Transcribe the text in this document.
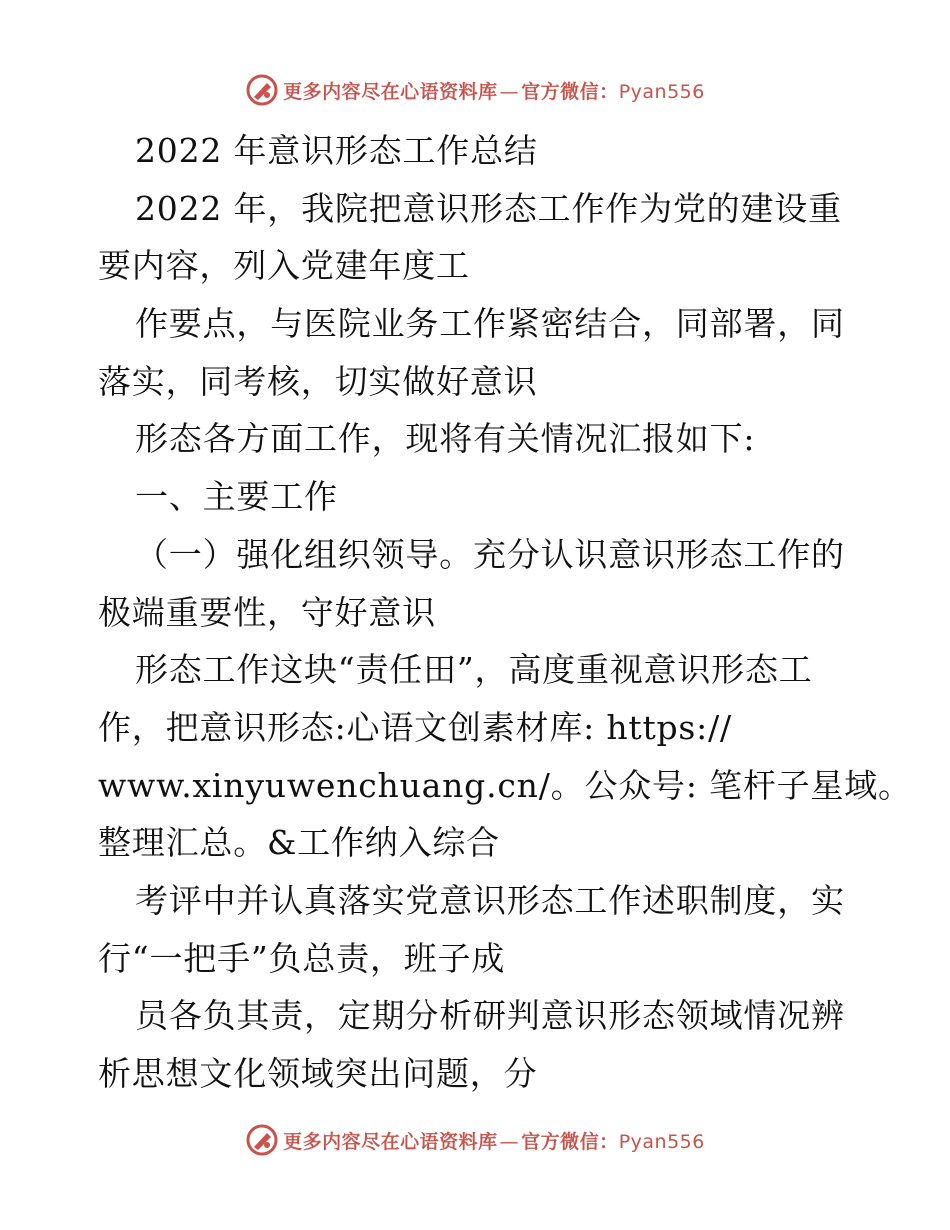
更多内容尽在心语资料库 — 官方微信：Pyan556
2022 年意识形态工作总结
2022 年，我院把意识形态工作作为党的建设重
要内容，列入党建年度工
作要点，与医院业务工作紧密结合，同部署，同
落实，同考核，切实做好意识
形态各方面工作，现将有关情况汇报如下:
一、主要工作
（一）强化组织领导。充分认识意识形态工作的
极端重要性，守好意识
形态工作这块“责任田”，高度重视意识形态工
作，把意识形态:心语文创素材库: https://
www.xinyuwenchuang.cn/。公众号: 笔杆子星域。
整理汇总。&工作纳入综合
考评中并认真落实党意识形态工作述职制度，实
行“一把手”负总责，班子成
员各负其责，定期分析研判意识形态领域情况辨
析思想文化领域突出问题，分
更多内容尽在心语资料库 — 官方微信：Pyan556
